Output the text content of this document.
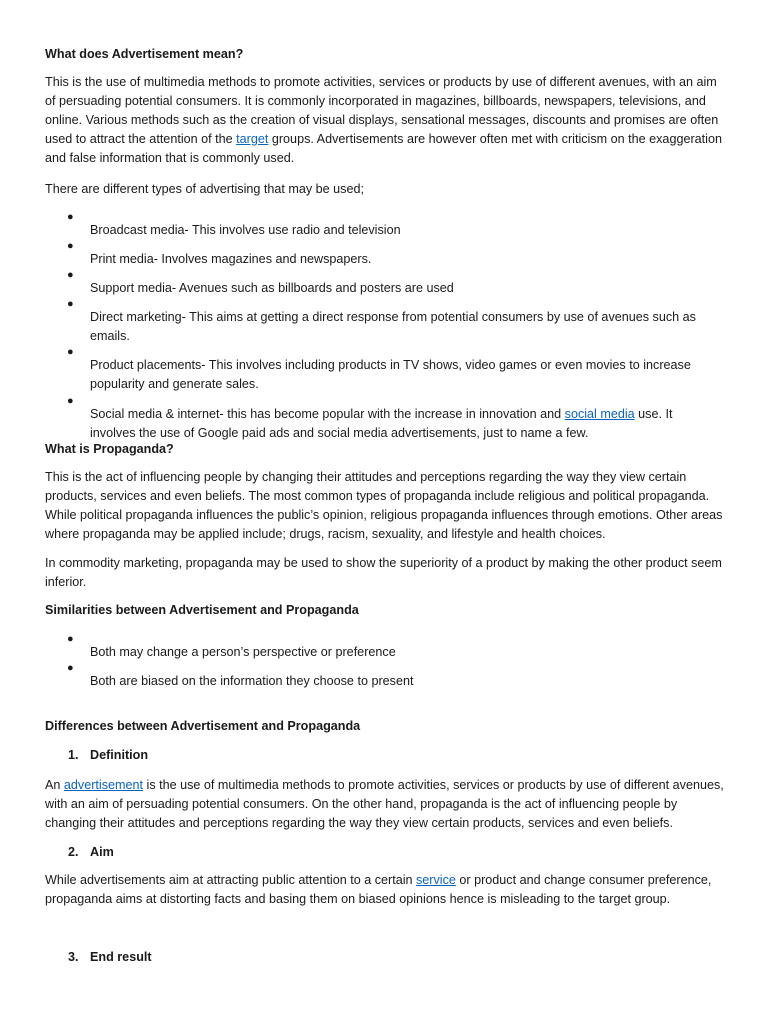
What does Advertisement mean?

This is the use of multimedia methods to promote activities, services or products by use of different avenues, with an aim of persuading potential consumers. It is commonly incorporated in magazines, billboards, newspapers, televisions, and online. Various methods such as the creation of visual displays, sensational messages, discounts and promises are often used to attract the attention of the target groups. Advertisements are however often met with criticism on the exaggeration and false information that is commonly used.

There are different types of advertising that may be used;

●

Broadcast media- This involves use radio and television

●

Print media- Involves magazines and newspapers.

●

Support media- Avenues such as billboards and posters are used

●

Direct marketing- This aims at getting a direct response from potential consumers by use of avenues such as emails.

●

Product placements- This involves including products in TV shows, video games or even movies to increase popularity and generate sales.

●

Social media & internet- this has become popular with the increase in innovation and social media use. It involves the use of Google paid ads and social media advertisements, just to name a few.

What is Propaganda?

This is the act of influencing people by changing their attitudes and perceptions regarding the way they view certain products, services and even beliefs. The most common types of propaganda include religious and political propaganda. While political propaganda influences the public’s opinion, religious propaganda influences through emotions. Other areas where propaganda may be applied include; drugs, racism, sexuality, and lifestyle and health choices.

In commodity marketing, propaganda may be used to show the superiority of a product by making the other product seem inferior.

Similarities between Advertisement and Propaganda

●

Both may change a person’s perspective or preference

●

Both are biased on the information they choose to present

Differences between Advertisement and Propaganda

1. Definition

An advertisement is the use of multimedia methods to promote activities, services or products by use of different avenues, with an aim of persuading potential consumers. On the other hand, propaganda is the act of influencing people by changing their attitudes and perceptions regarding the way they view certain products, services and even beliefs.

2. Aim

While advertisements aim at attracting public attention to a certain service or product and change consumer preference, propaganda aims at distorting facts and basing them on biased opinions hence is misleading to the target group.

3. End result
